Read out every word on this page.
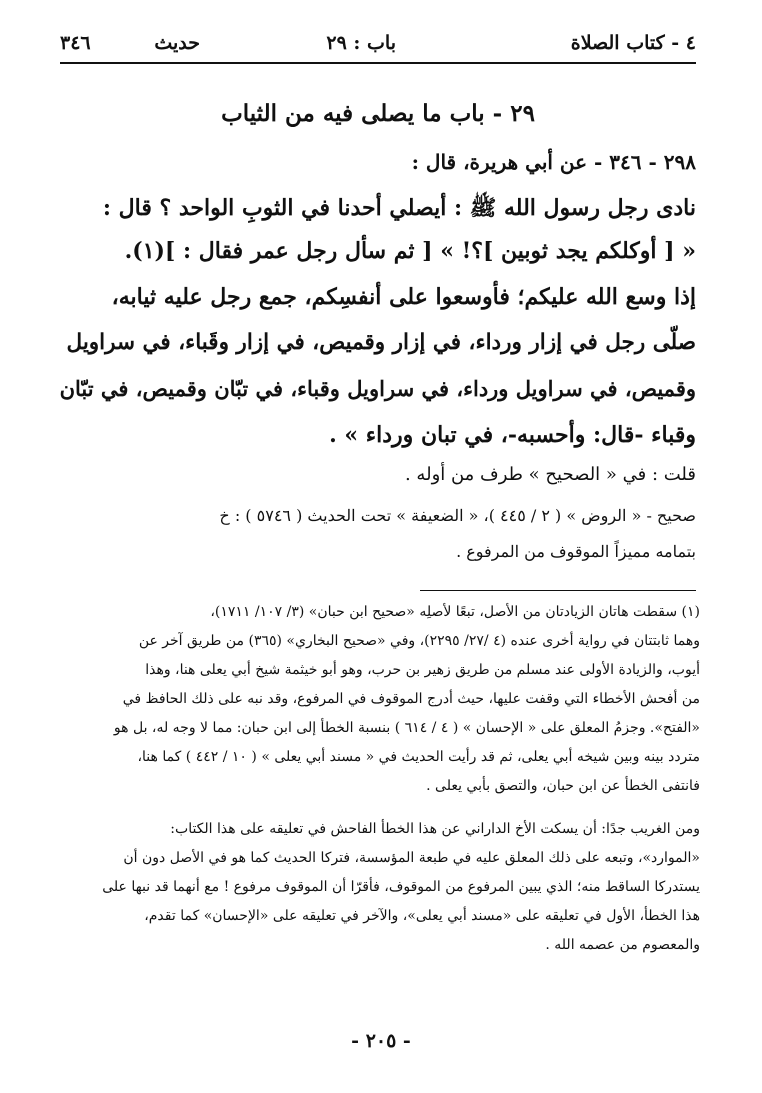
٤ - كتاب الصلاة
باب : ٢٩
حديث
٣٤٦
٢٩ - باب ما يصلى فيه من الثياب
٢٩٨ - ٣٤٦ - عن أبي هريرة، قال :
نادى رجل رسول الله ﷺ : أيصلي أحدنا في الثوبِ الواحد ؟ قال :
« [ أوكلكم يجد ثوبين ]؟! » [ ثم سأل رجل عمر فقال : ](١).
إذا وسع الله عليكم؛ فأوسعوا على أنفسِكم، جمع رجل عليه ثيابه،
صلّى رجل في إزار ورداء، في إزار وقميص، في إزار وقَباء، في سراويل
وقميص، في سراويل ورداء، في سراويل وقباء، في تبّان وقميص، في تبّان
وقباء -قال: وأحسبه-، في تبان ورداء » .
قلت : في « الصحيح » طرف من أوله .
صحيح - « الروض » ( ٢ / ٤٤٥ )، « الضعيفة » تحت الحديث ( ٥٧٤٦ ) : خ
بتمامه مميزاً الموقوف من المرفوع .
(١) سقطت هاتان الزيادتان من الأصل، تبعًا لأصلِه «صحيح ابن حبان» (٣/ ١٠٧/ ١٧١١)،
وهما ثابتتان في رواية أخرى عنده (٤ /٢٧/ ٢٢٩٥)، وفي «صحيح البخاري» (٣٦٥) من طريق آخر عن
أيوب، والزيادة الأولى عند مسلم من طريق زهير بن حرب، وهو أبو خيثمة شيخ أبي يعلى هنا، وهذا
من أفحش الأخطاء التي وقفت عليها، حيث أدرج الموقوف في المرفوع، وقد نبه على ذلك الحافظ في
«الفتح». وجزمُ المعلق على « الإحسان » ( ٤ / ٦١٤ ) بنسبة الخطأ إلى ابن حبان: مما لا وجه له، بل هو
متردد بينه وبين شيخه أبي يعلى، ثم قد رأيت الحديث في « مسند أبي يعلى » ( ١٠ / ٤٤٢ ) كما هنا،
فانتفى الخطأ عن ابن حبان، والتصق بأبي يعلى .
ومن الغريب جدًا: أن يسكت الأخ الداراني عن هذا الخطأ الفاحش في تعليقه على هذا الكتاب:
«الموارد»، وتبعه على ذلك المعلق عليه في طبعة المؤسسة، فتركا الحديث كما هو في الأصل دون أن
يستدركا الساقط منه؛ الذي يبين المرفوع من الموقوف، فأقرّا أن الموقوف مرفوع ! مع أنهما قد نبها على
هذا الخطأ، الأول في تعليقه على «مسند أبي يعلى»، والآخر في تعليقه على «الإحسان» كما تقدم،
والمعصوم من عصمه الله .
- ٢٠٥ -
